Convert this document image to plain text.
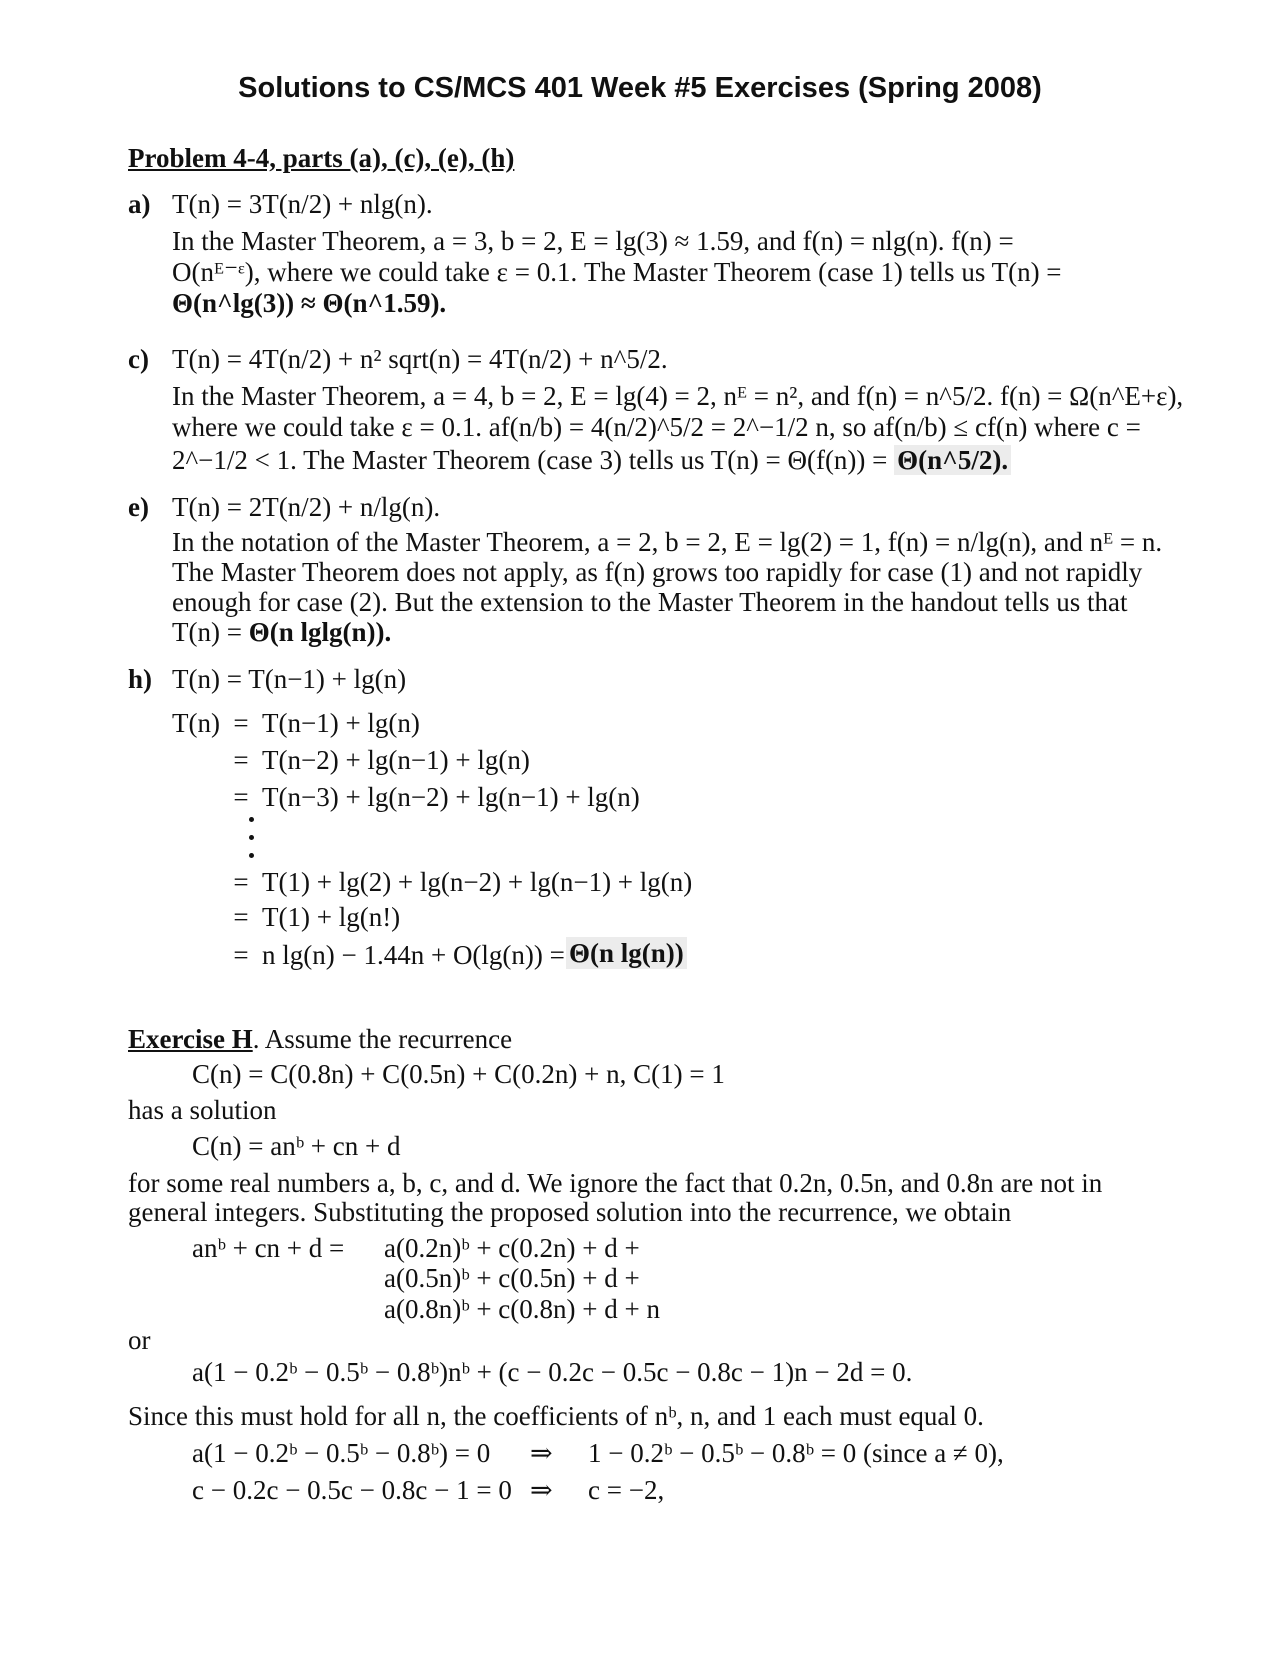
Solutions to CS/MCS 401 Week #5 Exercises (Spring 2008)
Problem 4-4, parts (a), (c), (e), (h)
a) T(n) = 3T(n/2) + nlg(n).
In the Master Theorem, a = 3, b = 2, E = lg(3) ≈ 1.59, and f(n) = nlg(n). f(n) =
O(nᴱ⁻ᵋ), where we could take ε = 0.1. The Master Theorem (case 1) tells us T(n) =
Θ(n^lg(3)) ≈ Θ(n^1.59).
c) T(n) = 4T(n/2) + n² sqrt(n) = 4T(n/2) + n^5/2.
In the Master Theorem, a = 4, b = 2, E = lg(4) = 2, nᴱ = n², and f(n) = n^5/2. f(n) = Ω(n^E+ε),
where we could take ε = 0.1. af(n/b) = 4(n/2)^5/2 = 2^−1/2 n, so af(n/b) ≤ cf(n) where c =
2^−1/2 < 1. The Master Theorem (case 3) tells us T(n) = Θ(f(n)) = Θ(n^5/2).
e) T(n) = 2T(n/2) + n/lg(n).
In the notation of the Master Theorem, a = 2, b = 2, E = lg(2) = 1, f(n) = n/lg(n), and nᴱ = n.
The Master Theorem does not apply, as f(n) grows too rapidly for case (1) and not rapidly
enough for case (2). But the extension to the Master Theorem in the handout tells us that
T(n) = Θ(n lglg(n)).
h) T(n) = T(n−1) + lg(n)
T(n) = T(n−1) + lg(n)
= T(n−2) + lg(n−1) + lg(n)
= T(n−3) + lg(n−2) + lg(n−1) + lg(n)
= T(1) + lg(2) + lg(n−2) + lg(n−1) + lg(n)
= T(1) + lg(n!)
= n lg(n) − 1.44n + O(lg(n)) = Θ(n lg(n))
Exercise H. Assume the recurrence
C(n) = C(0.8n) + C(0.5n) + C(0.2n) + n, C(1) = 1
has a solution
C(n) = anᵇ + cn + d
for some real numbers a, b, c, and d. We ignore the fact that 0.2n, 0.5n, and 0.8n are not in
general integers. Substituting the proposed solution into the recurrence, we obtain
anᵇ + cn + d = a(0.2n)ᵇ + c(0.2n) + d +
a(0.5n)ᵇ + c(0.5n) + d +
a(0.8n)ᵇ + c(0.8n) + d + n
or
a(1 − 0.2ᵇ − 0.5ᵇ − 0.8ᵇ)nᵇ + (c − 0.2c − 0.5c − 0.8c − 1)n − 2d = 0.
Since this must hold for all n, the coefficients of nᵇ, n, and 1 each must equal 0.
a(1 − 0.2ᵇ − 0.5ᵇ − 0.8ᵇ) = 0 ⇒ 1 − 0.2ᵇ − 0.5ᵇ − 0.8ᵇ = 0 (since a ≠ 0),
c − 0.2c − 0.5c − 0.8c − 1 = 0 ⇒ c = −2,
